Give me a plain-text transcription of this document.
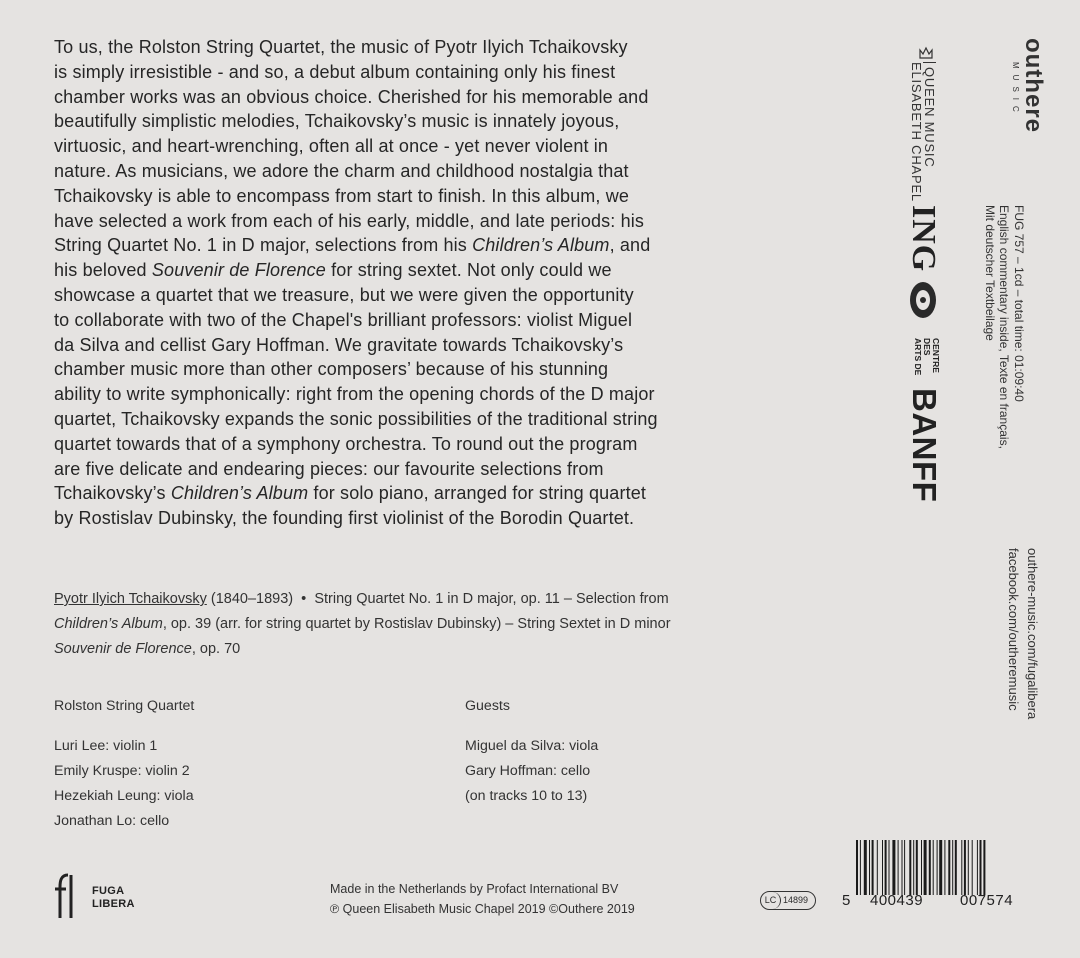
To us, the Rolston String Quartet, the music of Pyotr Ilyich Tchaikovsky
is simply irresistible - and so, a debut album containing only his finest
chamber works was an obvious choice. Cherished for his memorable and
beautifully simplistic melodies, Tchaikovsky’s music is innately joyous,
virtuosic, and heart-wrenching, often all at once - yet never violent in
nature. As musicians, we adore the charm and childhood nostalgia that
Tchaikovsky is able to encompass from start to finish. In this album, we
have selected a work from each of his early, middle, and late periods: his
String Quartet No. 1 in D major, selections from his Children’s Album, and
his beloved Souvenir de Florence for string sextet. Not only could we
showcase a quartet that we treasure, but we were given the opportunity
to collaborate with two of the Chapel's brilliant professors: violist Miguel
da Silva and cellist Gary Hoffman. We gravitate towards Tchaikovsky’s
chamber music more than other composers’ because of his stunning
ability to write symphonically: right from the opening chords of the D major
quartet, Tchaikovsky expands the sonic possibilities of the traditional string
quartet towards that of a symphony orchestra. To round out the program
are five delicate and endearing pieces: our favourite selections from
Tchaikovsky’s Children’s Album for solo piano, arranged for string quartet
by Rostislav Dubinsky, the founding first violinist of the Borodin Quartet.
Pyotr Ilyich Tchaikovsky (1840–1893)  •  String Quartet No. 1 in D major, op. 11 – Selection from
Children’s Album, op. 39 (arr. for string quartet by Rostislav Dubinsky) – String Sextet in D minor
Souvenir de Florence, op. 70
Rolston String Quartet
Luri Lee: violin 1
Emily Kruspe: violin 2
Hezekiah Leung: viola
Jonathan Lo: cello
Guests
Miguel da Silva: viola
Gary Hoffman: cello
(on tracks 10 to 13)
FUGA
LIBERA
Made in the Netherlands by Profact International BV
℗ Queen Elisabeth Music Chapel 2019 ©Outhere 2019
LC 14899 5 400439 007574
outhere
MUSIC
FUG 757 – 1cd – total time: 01:09:40
English commentary inside, Texte en français,
Mit deutscher Textbeilage
outhere-music.com/fugalibera
facebook.com/outheremusic
QUEEN MUSIC
ELISABETH CHAPEL
ING
CENTRE
DES
ARTS DE
BANFF
